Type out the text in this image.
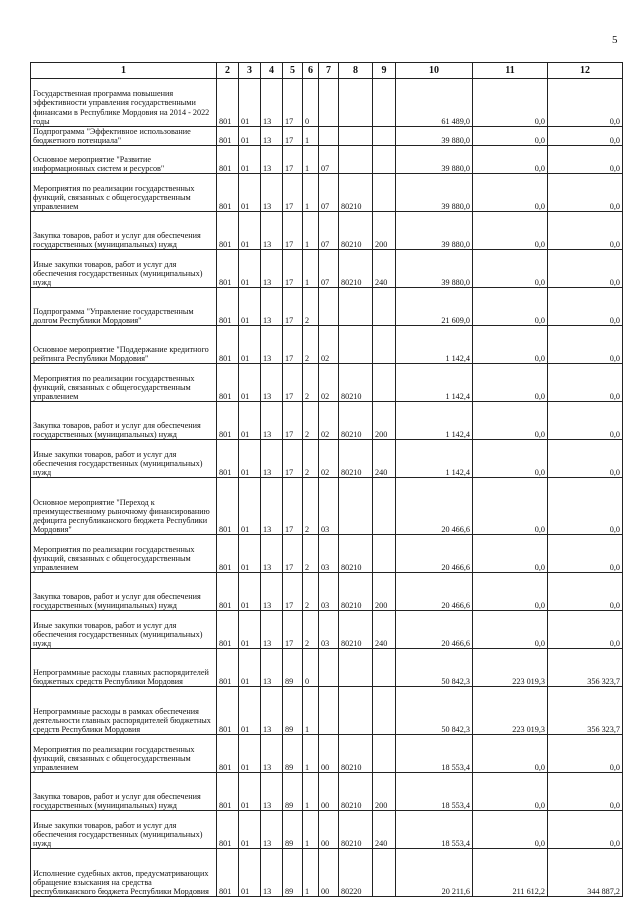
5
1	2	3	4	5	6	7	8	9	10	11	12
Государственная программа повышения эффективности управления государственными финансами в Республике Мордовия на 2014 - 2022 годы	801	01	13	17	0				61 489,0	0,0	0,0
Подпрограмма "Эффективное использование бюджетного потенциала"	801	01	13	17	1				39 880,0	0,0	0,0
Основное мероприятие "Развитие информационных систем и ресурсов"	801	01	13	17	1	07			39 880,0	0,0	0,0
Мероприятия по реализации государственных функций, связанных с общегосударственным управлением	801	01	13	17	1	07	80210		39 880,0	0,0	0,0
Закупка товаров, работ и услуг для обеспечения государственных (муниципальных) нужд	801	01	13	17	1	07	80210	200	39 880,0	0,0	0,0
Иные закупки товаров, работ и услуг для обеспечения государственных (муниципальных) нужд	801	01	13	17	1	07	80210	240	39 880,0	0,0	0,0
Подпрограмма "Управление государственным долгом Республики Мордовия"	801	01	13	17	2				21 609,0	0,0	0,0
Основное мероприятие "Поддержание кредитного рейтинга Республики Мордовия"	801	01	13	17	2	02			1 142,4	0,0	0,0
Мероприятия по реализации государственных функций, связанных с общегосударственным управлением	801	01	13	17	2	02	80210		1 142,4	0,0	0,0
Закупка товаров, работ и услуг для обеспечения государственных (муниципальных) нужд	801	01	13	17	2	02	80210	200	1 142,4	0,0	0,0
Иные закупки товаров, работ и услуг для обеспечения государственных (муниципальных) нужд	801	01	13	17	2	02	80210	240	1 142,4	0,0	0,0
Основное мероприятие "Переход к преимущественному рыночному финансированию дефицита республиканского бюджета Республики Мордовия"	801	01	13	17	2	03			20 466,6	0,0	0,0
Мероприятия по реализации государственных функций, связанных с общегосударственным управлением	801	01	13	17	2	03	80210		20 466,6	0,0	0,0
Закупка товаров, работ и услуг для обеспечения государственных (муниципальных) нужд	801	01	13	17	2	03	80210	200	20 466,6	0,0	0,0
Иные закупки товаров, работ и услуг для обеспечения государственных (муниципальных) нужд	801	01	13	17	2	03	80210	240	20 466,6	0,0	0,0
Непрограммные расходы главных распорядителей бюджетных средств Республики Мордовия	801	01	13	89	0				50 842,3	223 019,3	356 323,7
Непрограммные расходы в рамках обеспечения деятельности главных распорядителей бюджетных средств Республики Мордовия	801	01	13	89	1				50 842,3	223 019,3	356 323,7
Мероприятия по реализации государственных функций, связанных с общегосударственным управлением	801	01	13	89	1	00	80210		18 553,4	0,0	0,0
Закупка товаров, работ и услуг для обеспечения государственных (муниципальных) нужд	801	01	13	89	1	00	80210	200	18 553,4	0,0	0,0
Иные закупки товаров, работ и услуг для обеспечения государственных (муниципальных) нужд	801	01	13	89	1	00	80210	240	18 553,4	0,0	0,0
Исполнение судебных актов, предусматривающих обращение взыскания на средства республиканского бюджета Республики Мордовия	801	01	13	89	1	00	80220		20 211,6	211 612,2	344 887,2
